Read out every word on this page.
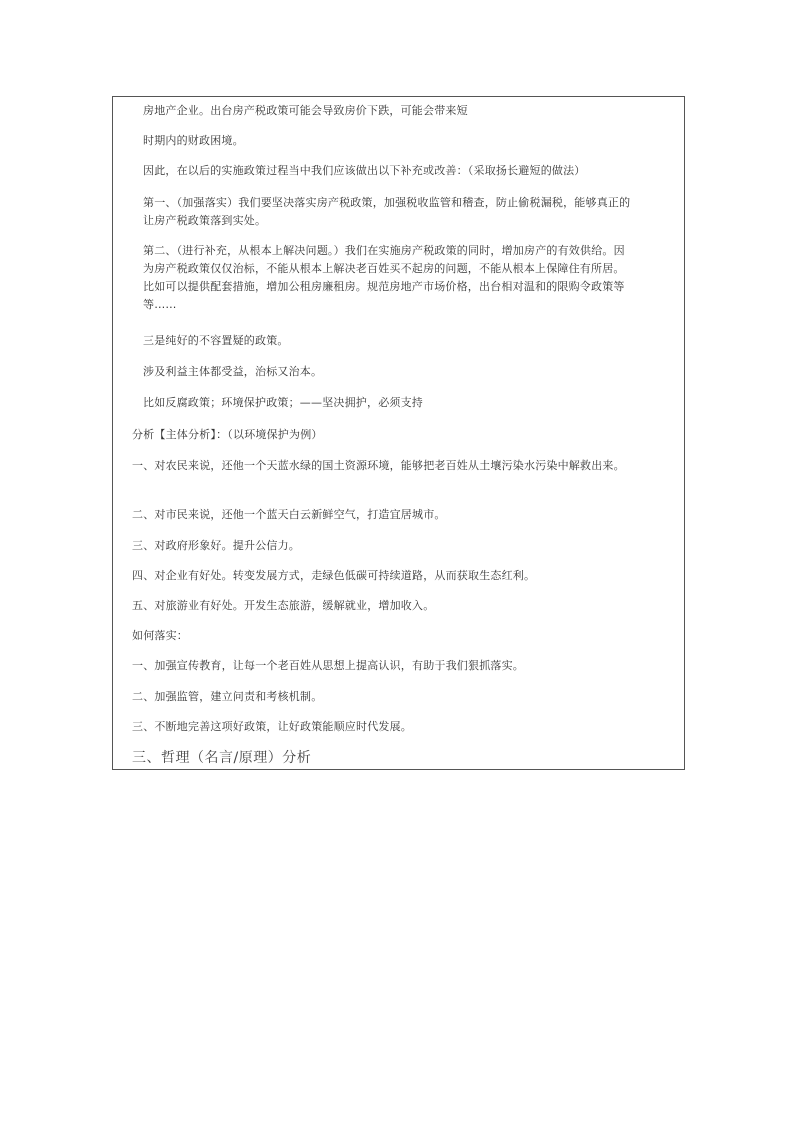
房地产企业。出台房产税政策可能会导致房价下跌，可能会带来短
时期内的财政困境。
因此，在以后的实施政策过程当中我们应该做出以下补充或改善：（采取扬长避短的做法）
第一、（加强落实）我们要坚决落实房产税政策，加强税收监管和稽查，防止偷税漏税，能够真正的让房产税政策落到实处。
第二、（进行补充，从根本上解决问题。）我们在实施房产税政策的同时，增加房产的有效供给。因为房产税政策仅仅治标，不能从根本上解决老百姓买不起房的问题，不能从根本上保障住有所居。比如可以提供配套措施，增加公租房廉租房。规范房地产市场价格，出台相对温和的限购令政策等等……
三是纯好的不容置疑的政策。
涉及利益主体都受益，治标又治本。
比如反腐政策；环境保护政策；——坚决拥护，必须支持
分析【主体分析】：（以环境保护为例）
一、对农民来说，还他一个天蓝水绿的国土资源环境，能够把老百姓从土壤污染水污染中解救出来。
二、对市民来说，还他一个蓝天白云新鲜空气，打造宜居城市。
三、对政府形象好。提升公信力。
四、对企业有好处。转变发展方式，走绿色低碳可持续道路，从而获取生态红利。
五、对旅游业有好处。开发生态旅游，缓解就业，增加收入。
如何落实：
一、加强宣传教育，让每一个老百姓从思想上提高认识，有助于我们狠抓落实。
二、加强监管，建立问责和考核机制。
三、不断地完善这项好政策，让好政策能顺应时代发展。
三、哲理（名言/原理）分析
